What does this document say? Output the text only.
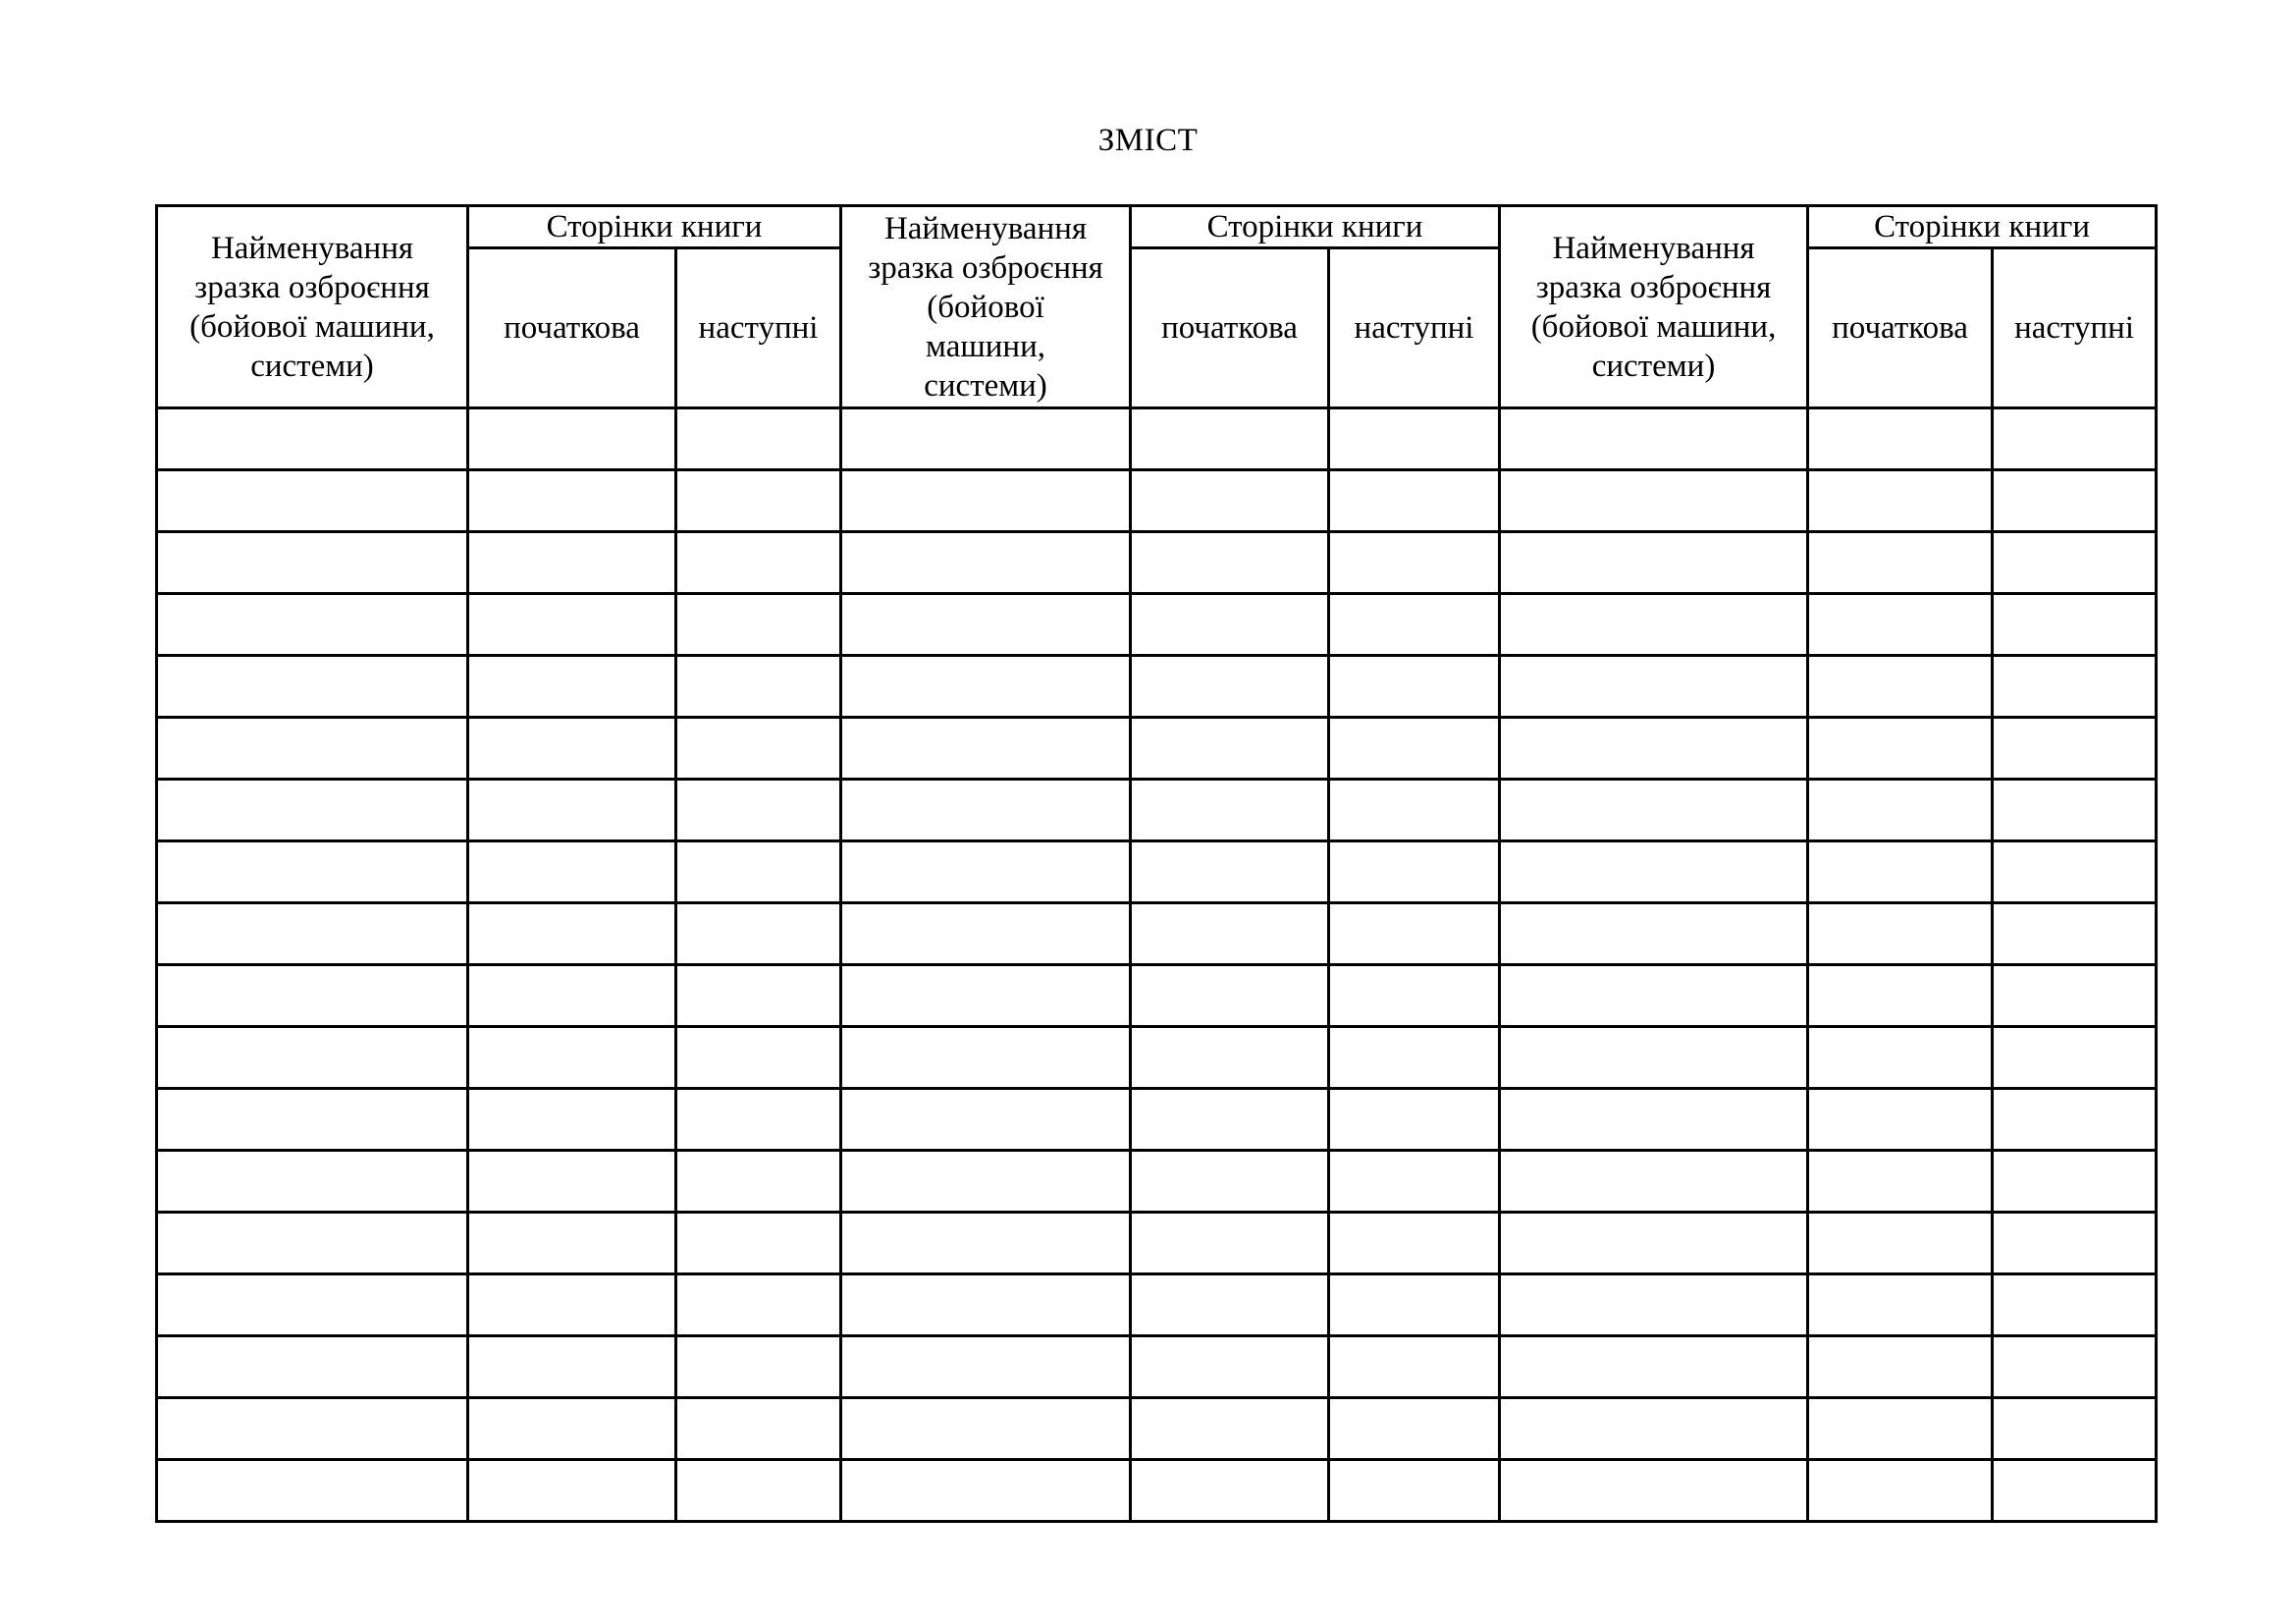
ЗМІСТ
Найменування
зразка озброєння
(бойової машини,
системи)	Сторінки книги		Найменування
зразка озброєння
(бойової
машини,
системи)	Сторінки книги		Найменування
зразка озброєння
(бойової машини,
системи)	Сторінки книги	
	початкова	наступні		початкова	наступні		початкова	наступні
